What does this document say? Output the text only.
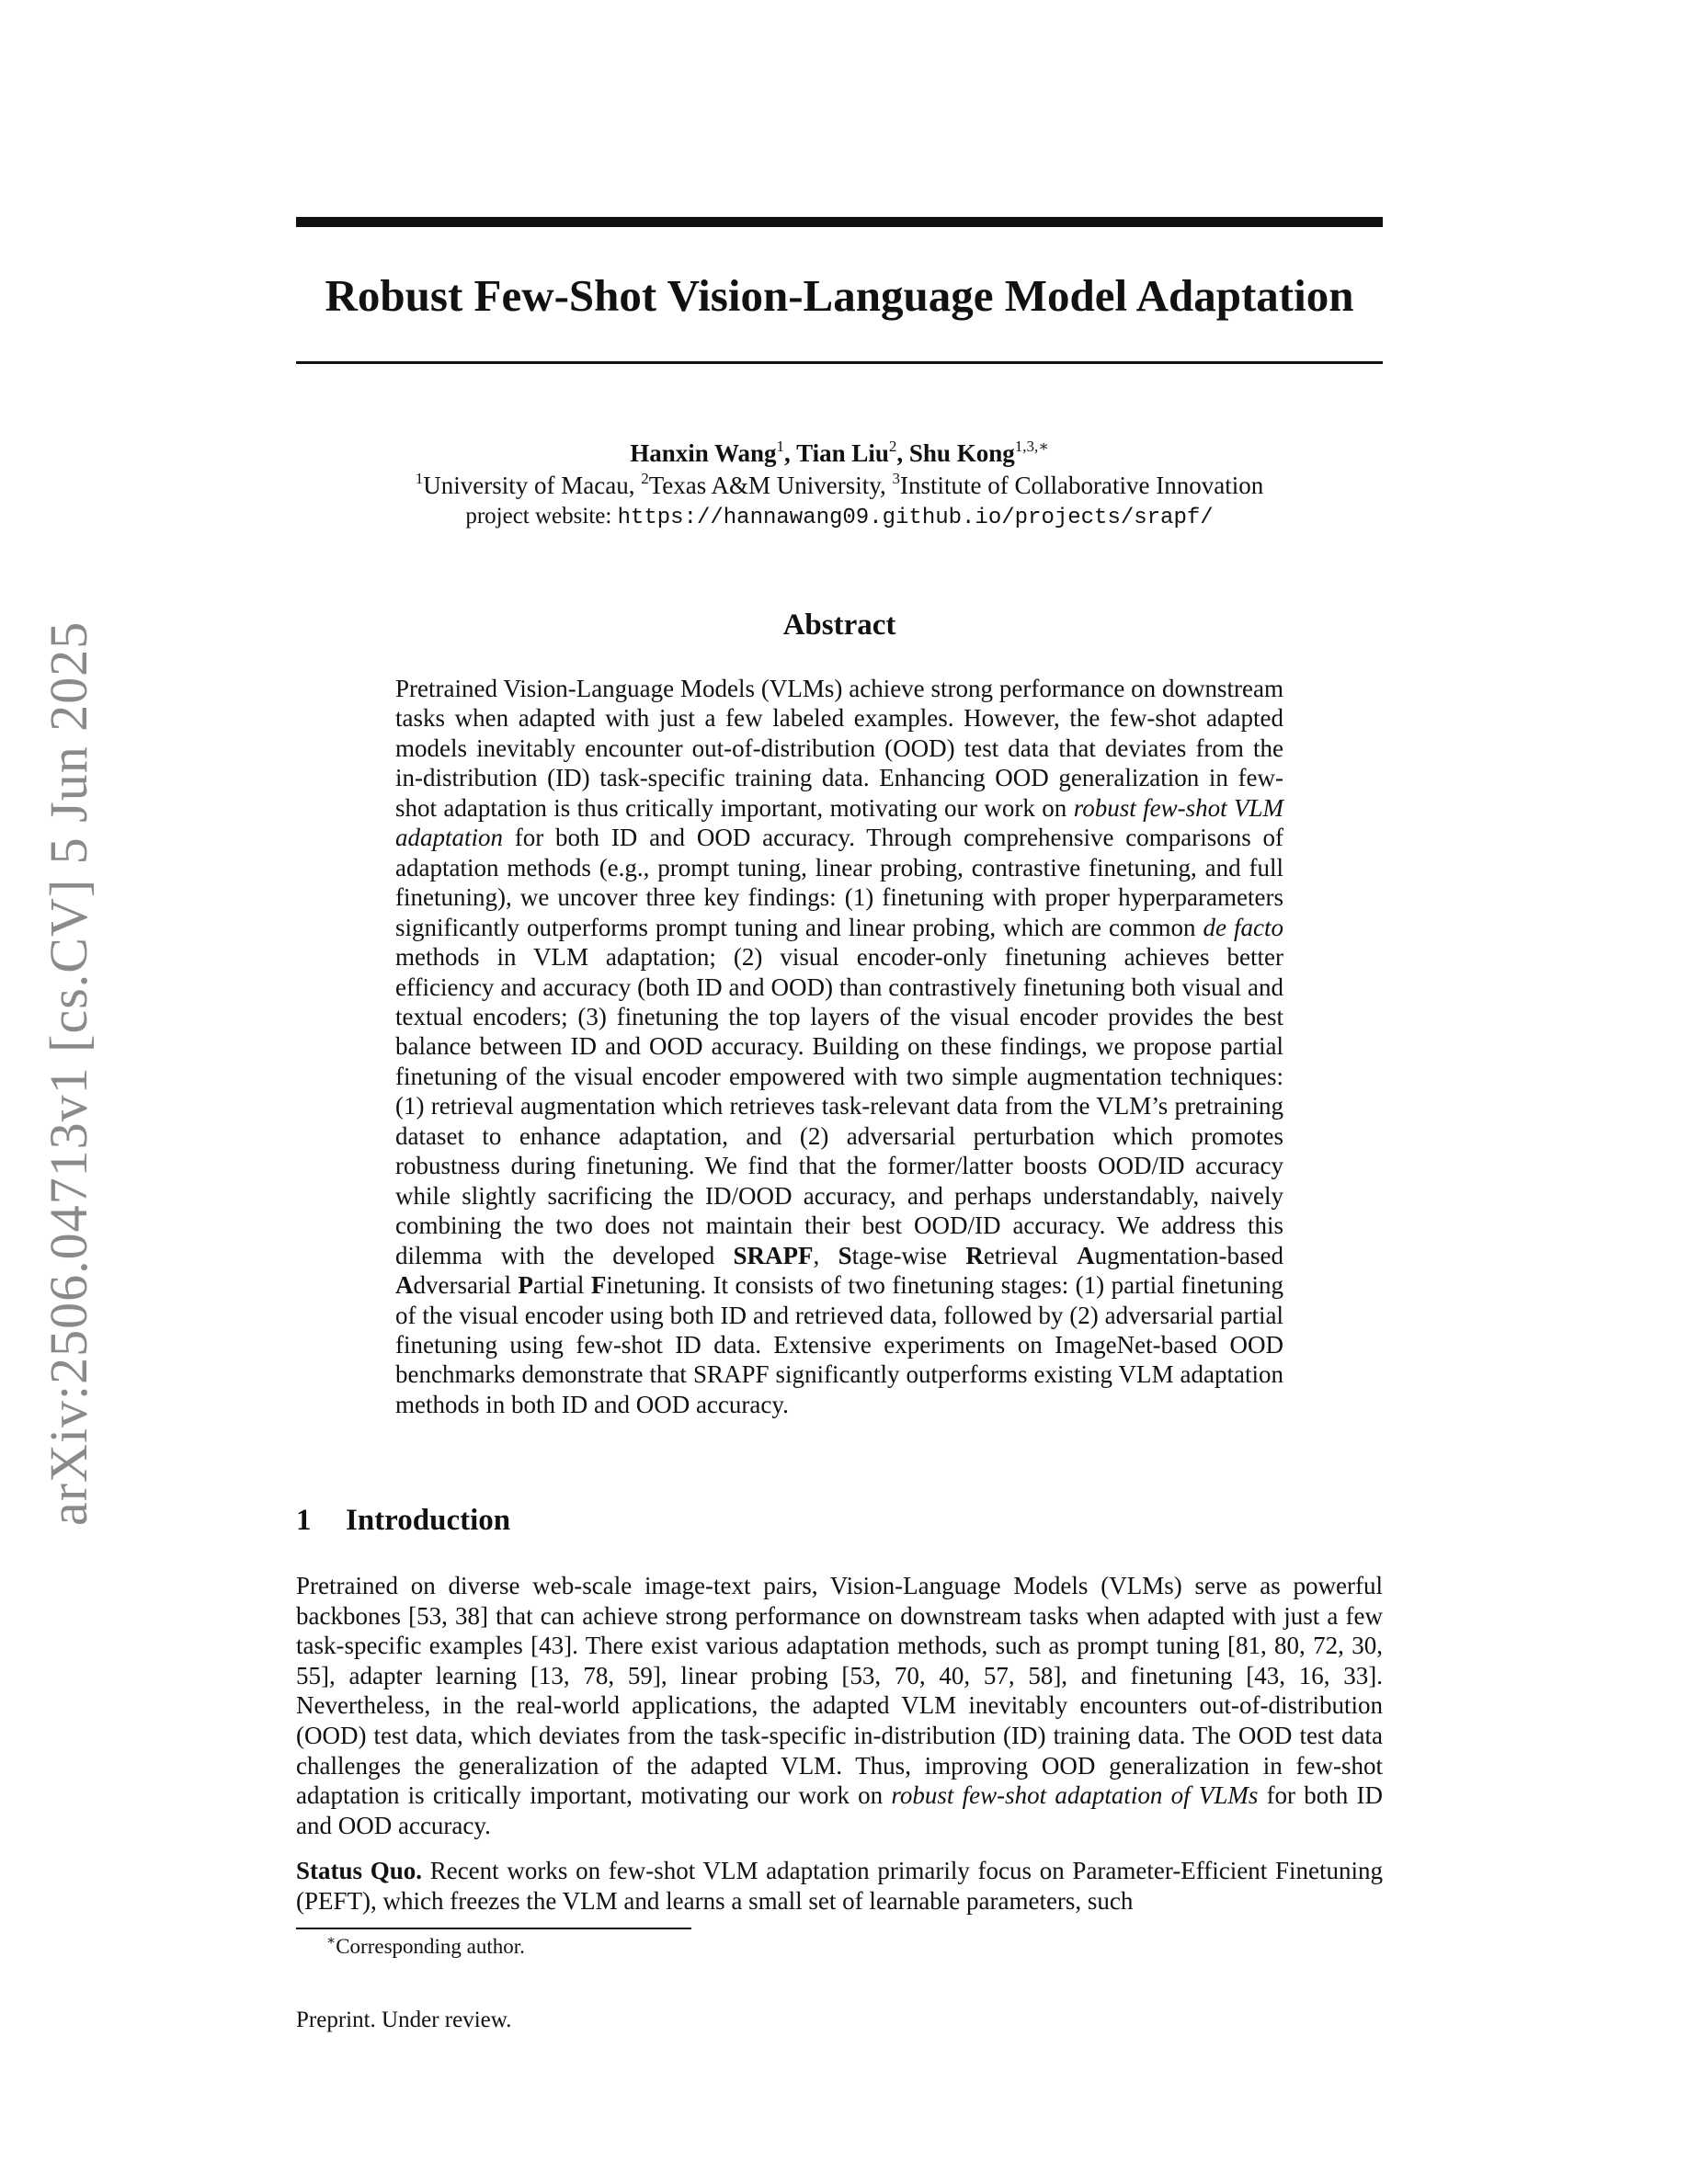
arXiv:2506.04713v1 [cs.CV] 5 Jun 2025
Robust Few-Shot Vision-Language Model Adaptation
Hanxin Wang$^1$, Tian Liu$^2$, Shu Kong$^{1,3,∗}$
$^1$University of Macau, $^2$Texas A&M University, $^3$Institute of Collaborative Innovation
project website: https://hannawang09.github.io/projects/srapf/
Abstract

Pretrained Vision-Language Models (VLMs) achieve strong performance on downstream tasks when adapted with just a few labeled examples. However, the few-shot adapted models inevitably encounter out-of-distribution (OOD) test data that deviates from the in-distribution (ID) task-specific training data. Enhancing OOD generalization in few-shot adaptation is thus critically important, motivating our work on robust few-shot VLM adaptation for both ID and OOD accuracy. Through comprehensive comparisons of adaptation methods (e.g., prompt tuning, linear probing, contrastive finetuning, and full finetuning), we uncover three key findings: (1) finetuning with proper hyperparameters significantly outperforms prompt tuning and linear probing, which are common de facto methods in VLM adaptation; (2) visual encoder-only finetuning achieves better efficiency and accuracy (both ID and OOD) than contrastively finetuning both visual and textual encoders; (3) finetuning the top layers of the visual encoder provides the best balance between ID and OOD accuracy. Building on these findings, we propose partial finetuning of the visual encoder empowered with two simple augmentation techniques: (1) retrieval augmentation which retrieves task-relevant data from the VLM’s pretraining dataset to enhance adaptation, and (2) adversarial perturbation which promotes robustness during finetuning. We find that the former/latter boosts OOD/ID accuracy while slightly sacrificing the ID/OOD accuracy, and perhaps understandably, naively combining the two does not maintain their best OOD/ID accuracy. We address this dilemma with the developed SRAPF, Stage-wise Retrieval Augmentation-based Adversarial Partial Finetuning. It consists of two finetuning stages: (1) partial finetuning of the visual encoder using both ID and retrieved data, followed by (2) adversarial partial finetuning using few-shot ID data. Extensive experiments on ImageNet-based OOD benchmarks demonstrate that SRAPF significantly outperforms existing VLM adaptation methods in both ID and OOD accuracy.

1 Introduction

Pretrained on diverse web-scale image-text pairs, Vision-Language Models (VLMs) serve as powerful backbones [53, 38] that can achieve strong performance on downstream tasks when adapted with just a few task-specific examples [43]. There exist various adaptation methods, such as prompt tuning [81, 80, 72, 30, 55], adapter learning [13, 78, 59], linear probing [53, 70, 40, 57, 58], and finetuning [43, 16, 33]. Nevertheless, in the real-world applications, the adapted VLM inevitably encounters out-of-distribution (OOD) test data, which deviates from the task-specific in-distribution (ID) training data. The OOD test data challenges the generalization of the adapted VLM. Thus, improving OOD generalization in few-shot adaptation is critically important, motivating our work on robust few-shot adaptation of VLMs for both ID and OOD accuracy.

Status Quo. Recent works on few-shot VLM adaptation primarily focus on Parameter-Efficient Finetuning (PEFT), which freezes the VLM and learns a small set of learnable parameters, such

∗Corresponding author.
Preprint. Under review.
